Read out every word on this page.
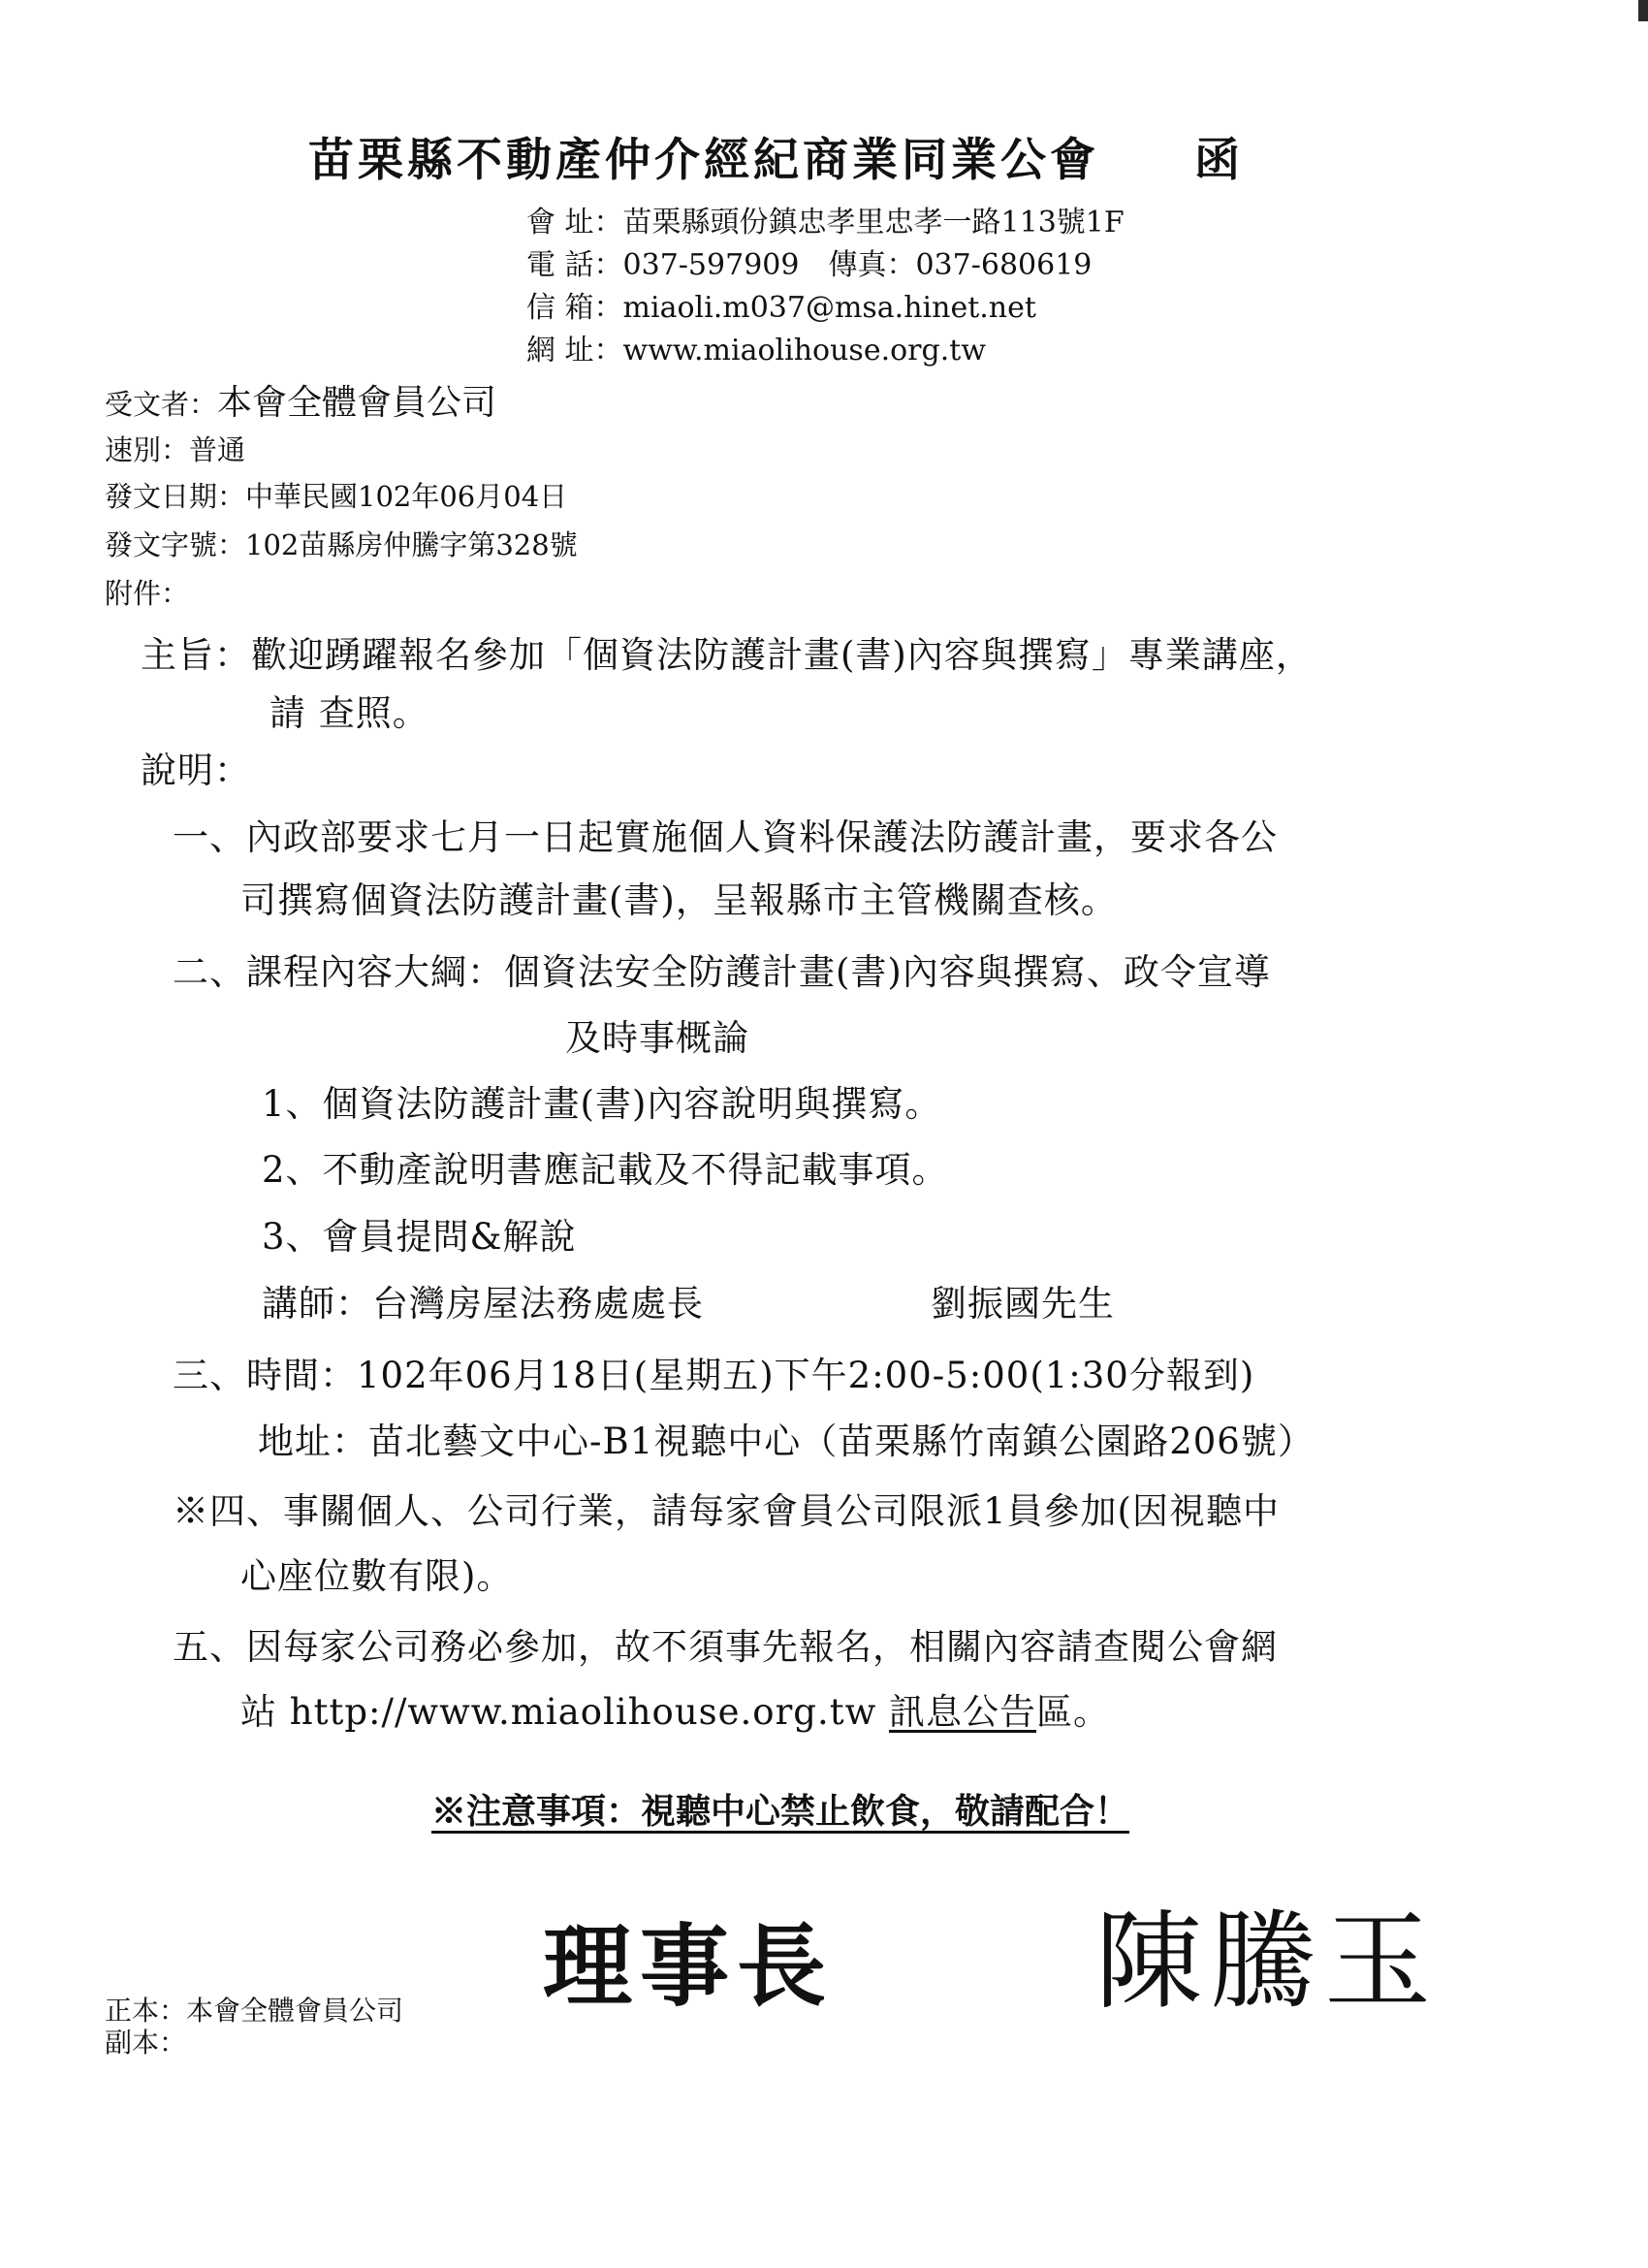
苗栗縣不動產仲介經紀商業同業公會 函
會 址：苗栗縣頭份鎮忠孝里忠孝一路113號1F
電 話：037-597909　傳真：037-680619
信 箱：miaoli.m037@msa.hinet.net
網 址：www.miaolihouse.org.tw
受文者：本會全體會員公司
速別：普通
發文日期：中華民國102年06月04日
發文字號：102苗縣房仲騰字第328號
附件：
主旨：歡迎踴躍報名參加「個資法防護計畫(書)內容與撰寫」專業講座，
請 查照。
說明：
一、內政部要求七月一日起實施個人資料保護法防護計畫，要求各公
司撰寫個資法防護計畫(書)，呈報縣市主管機關查核。
二、課程內容大綱：個資法安全防護計畫(書)內容與撰寫、政令宣導
及時事概論
1、個資法防護計畫(書)內容說明與撰寫。
2、不動產說明書應記載及不得記載事項。
3、會員提問&解說
講師：台灣房屋法務處處長	劉振國先生
三、時間：102年06月18日(星期五)下午2:00-5:00(1:30分報到)
地址：苗北藝文中心-B1視聽中心（苗栗縣竹南鎮公園路206號）
※四、事關個人、公司行業，請每家會員公司限派1員參加(因視聽中
心座位數有限)。
五、因每家公司務必參加，故不須事先報名，相關內容請查閱公會網
站 http://www.miaolihouse.org.tw 訊息公告區。
※注意事項：視聽中心禁止飲食，敬請配合！
理事長 陳騰玉
正本：本會全體會員公司
副本：
